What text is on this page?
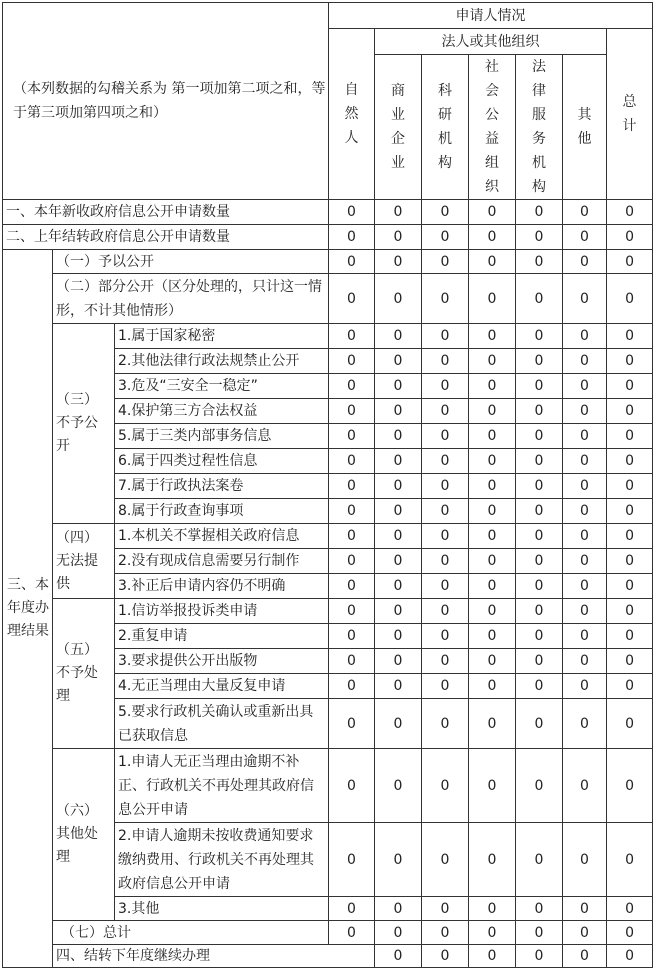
（本列数据的勾稽关系为 第一项加第二项之和，等于第三项加第四项之和）			申请人情况							
			自然人	法人或其他组织					总计	
				商业企业	科研机构	社会公益组织	法律服务机构	其他		
一、本年新收政府信息公开申请数量			0	0	0	0	0	0	0	
二、上年结转政府信息公开申请数量			0	0	0	0	0	0	0	
三、本年度办理结果	（一）予以公开		0	0	0	0	0	0	0	
	（二）部分公开（区分处理的，只计这一情形，不计其他情形）		0	0	0	0	0	0	0	
	（三）不予公开	1.属于国家秘密	0	0	0	0	0	0	0	
		2.其他法律行政法规禁止公开	0	0	0	0	0	0	0	
		3.危及“三安全一稳定”	0	0	0	0	0	0	0	
		4.保护第三方合法权益	0	0	0	0	0	0	0	
		5.属于三类内部事务信息	0	0	0	0	0	0	0	
		6.属于四类过程性信息	0	0	0	0	0	0	0	
		7.属于行政执法案卷	0	0	0	0	0	0	0	
		8.属于行政查询事项	0	0	0	0	0	0	0	
	（四）无法提供	1.本机关不掌握相关政府信息	0	0	0	0	0	0	0	
		2.没有现成信息需要另行制作	0	0	0	0	0	0	0	
		3.补正后申请内容仍不明确	0	0	0	0	0	0	0	
	（五）不予处理	1.信访举报投诉类申请	0	0	0	0	0	0	0	
		2.重复申请	0	0	0	0	0	0	0	
		3.要求提供公开出版物	0	0	0	0	0	0	0	
		4.无正当理由大量反复申请	0	0	0	0	0	0	0	
		5.要求行政机关确认或重新出具已获取信息	0	0	0	0	0	0	0	
	（六）其他处理	1.申请人无正当理由逾期不补正、行政机关不再处理其政府信息公开申请	0	0	0	0	0	0	0	
		2.申请人逾期未按收费通知要求缴纳费用、行政机关不再处理其政府信息公开申请	0	0	0	0	0	0	0	
		3.其他	0	0	0	0	0	0	0	
	（七）总计		0	0	0	0	0	0	0	
	四、结转下年度继续办理			0	0	0	0	0	0	
